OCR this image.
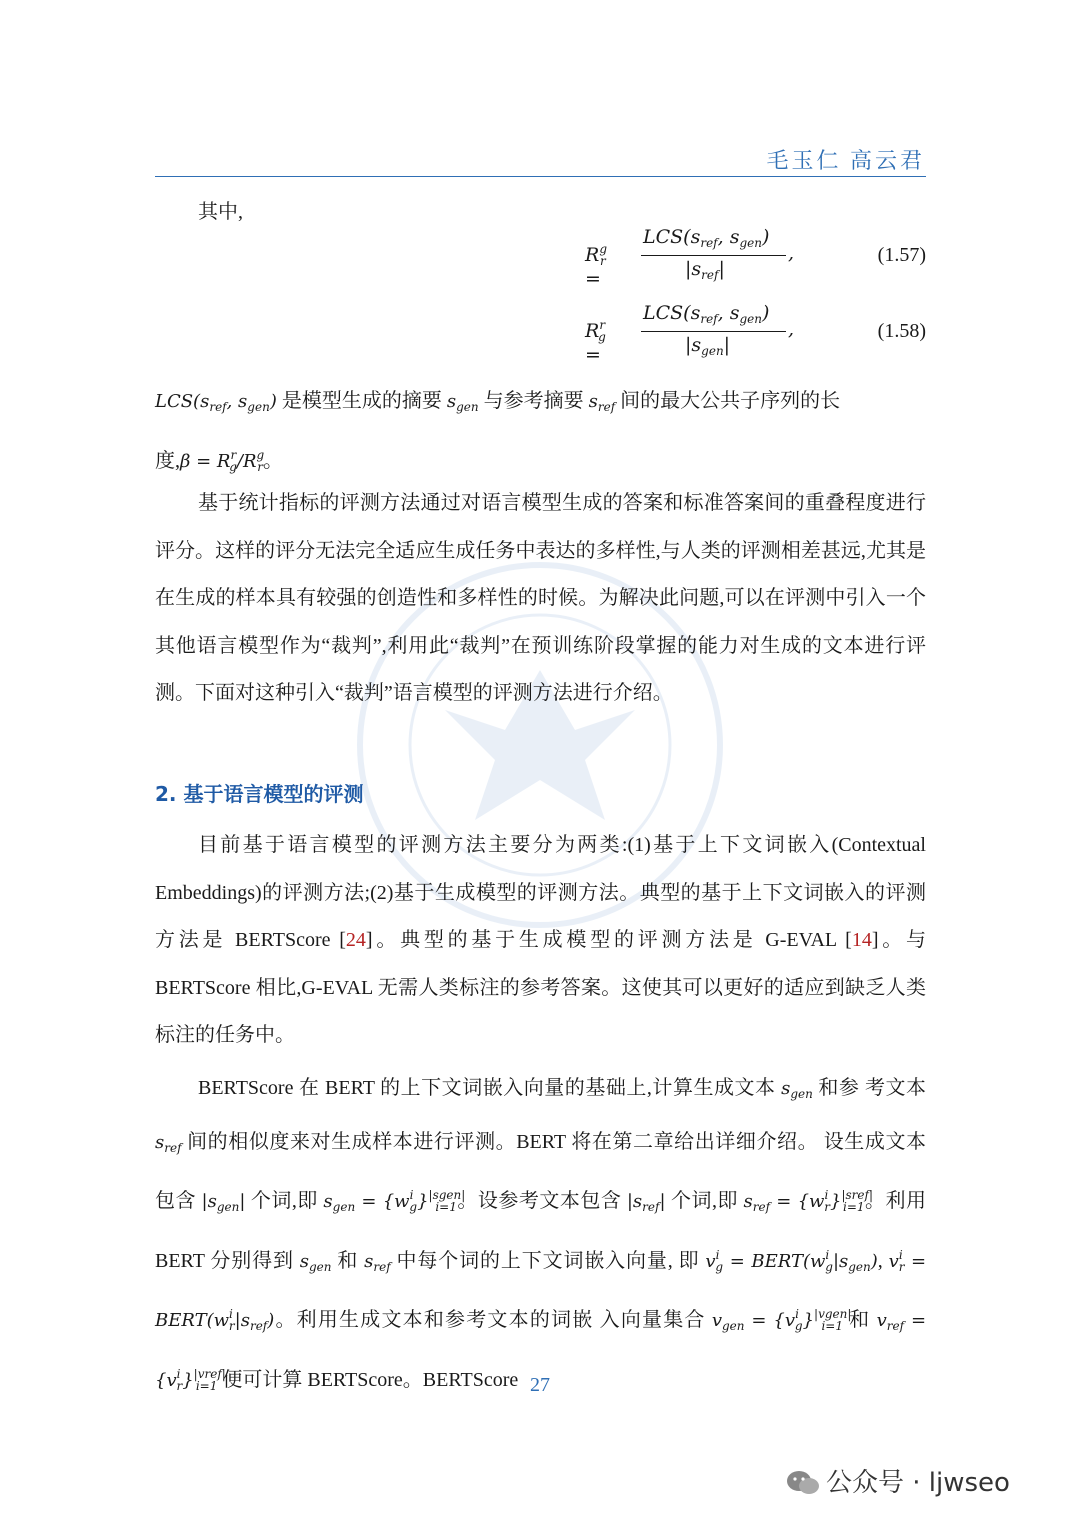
毛玉仁 高云君
其中,
$R^g_r$ =
$LCS(s_{ref}$, $s_{gen}$)
$|s_{ref}|$
,	(1.57)
$R^r_g$ =
$LCS(s_{ref}$, $s_{gen}$)
$|s_{gen}|$
,	(1.58)
$LCS(s_{ref}$, $s_{gen}$) 是模型生成的摘要 $s_{gen}$ 与参考摘要 $s_{ref}$ 间的最大公共子序列的长
度$,\beta = R^r_g/R^g_r$。
基于统计指标的评测方法通过对语言模型生成的答案和标准答案间的重叠程度进行评分。这样的评分无法完全适应生成任务中表达的多样性,与人类的评测相差甚远,尤其是在生成的样本具有较强的创造性和多样性的时候。为解决此问题,可以在评测中引入一个其他语言模型作为“裁判”,利用此“裁判”在预训练阶段掌握的能力对生成的文本进行评测。下面对这种引入“裁判”语言模型的评测方法进行介绍。
2. 基于语言模型的评测
目前基于语言模型的评测方法主要分为两类:(1)基于上下文词嵌入(Contextual Embeddings)的评测方法;(2)基于生成模型的评测方法。典型的基于上下文词嵌入的评测方法是 BERTScore [24]。典型的基于生成模型的评测方法是 G-EVAL [14]。与 BERTScore 相比,G-EVAL 无需人类标注的参考答案。这使其可以更好的适应到缺乏人类标注的任务中。
BERTScore 在 BERT 的上下文词嵌入向量的基础上,计算生成文本 $s_{gen}$ 和参 考文本 $s_{ref}$ 间的相似度来对生成样本进行评测。BERT 将在第二章给出详细介绍。 设生成文本包含 $|s_{gen}|$ 个词,即 $s_{gen} = \{w^i_g\}^{|sgen|}_{i=1}$。设参考文本包含 $|s_{ref}|$ 个词,即 $s_{ref} = \{w^i_r\}^{|sref|}_{i=1}$。利用 BERT 分别得到 $s_{gen}$ 和 $s_{ref}$ 中每个词的上下文词嵌入向量, 即 $v^i_g$ = $BERT(w^i_g|s_{gen})$, $v^i_r$ = $BERT(w^i_r|s_{ref})$。利用生成文本和参考文本的词嵌 入向量集合 $v_{gen} = \{v^i_g\}^{|vgen|}_{i=1}$ 和 $v_{ref} = \{v^i_r\}^{|vref|}_{i=1}$ 便可计算 BERTScore。BERTScore 27
公众号 · ljwseo
